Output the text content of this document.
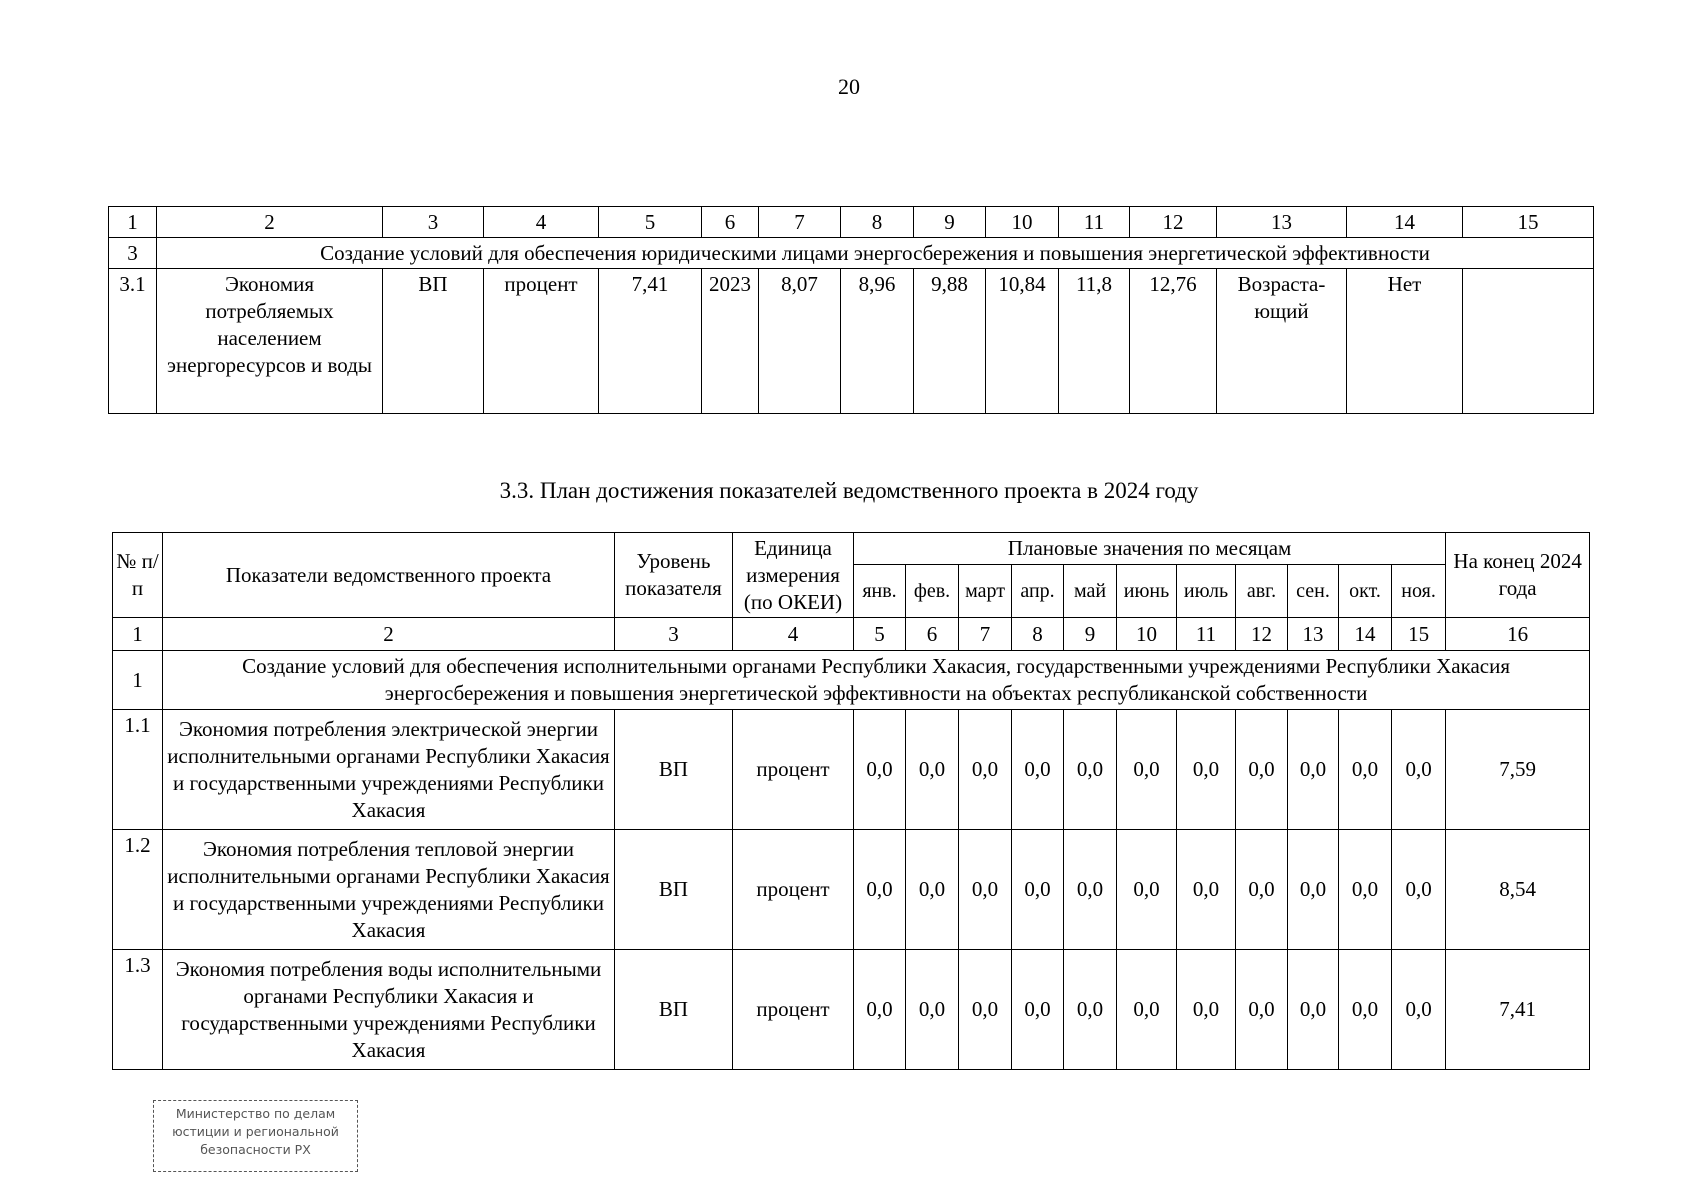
20
1	2	3	4	5	6	7	8	9	10	11	12	13	14	15
3	Создание условий для обеспечения юридическими лицами энергосбережения и повышения энергетической эффективности													
3.1	Экономия потребляемых населением энергоресурсов и воды	ВП	процент	7,41	2023	8,07	8,96	9,88	10,84	11,8	12,76	Возраста-ющий	Нет	
3.3. План достижения показателей ведомственного проекта в 2024 году
№ п/п	Показатели ведомственного проекта	Уровень показателя	Единица измерения (по ОКЕИ)	Плановые значения по месяцам											На конец 2024 года
				янв.	фев.	март	апр.	май	июнь	июль	авг.	сен.	окт.	ноя.	
1	2	3	4	5	6	7	8	9	10	11	12	13	14	15	16
1	Создание условий для обеспечения исполнительными органами Республики Хакасия, государственными учреждениями Республики Хакасия энергосбережения и повышения энергетической эффективности на объектах республиканской собственности														
1.1	Экономия потребления электрической энергии исполнительными органами Республики Хакасия и государственными учреждениями Республики Хакасия	ВП	процент	0,0	0,0	0,0	0,0	0,0	0,0	0,0	0,0	0,0	0,0	0,0	7,59
1.2	Экономия потребления тепловой энергии исполнительными органами Республики Хакасия и государственными учреждениями Республики Хакасия	ВП	процент	0,0	0,0	0,0	0,0	0,0	0,0	0,0	0,0	0,0	0,0	0,0	8,54
1.3	Экономия потребления воды исполнительными органами Республики Хакасия и государственными учреждениями Республики Хакасия	ВП	процент	0,0	0,0	0,0	0,0	0,0	0,0	0,0	0,0	0,0	0,0	0,0	7,41
Министерство по делам
юстиции и региональной
безопасности РХ
